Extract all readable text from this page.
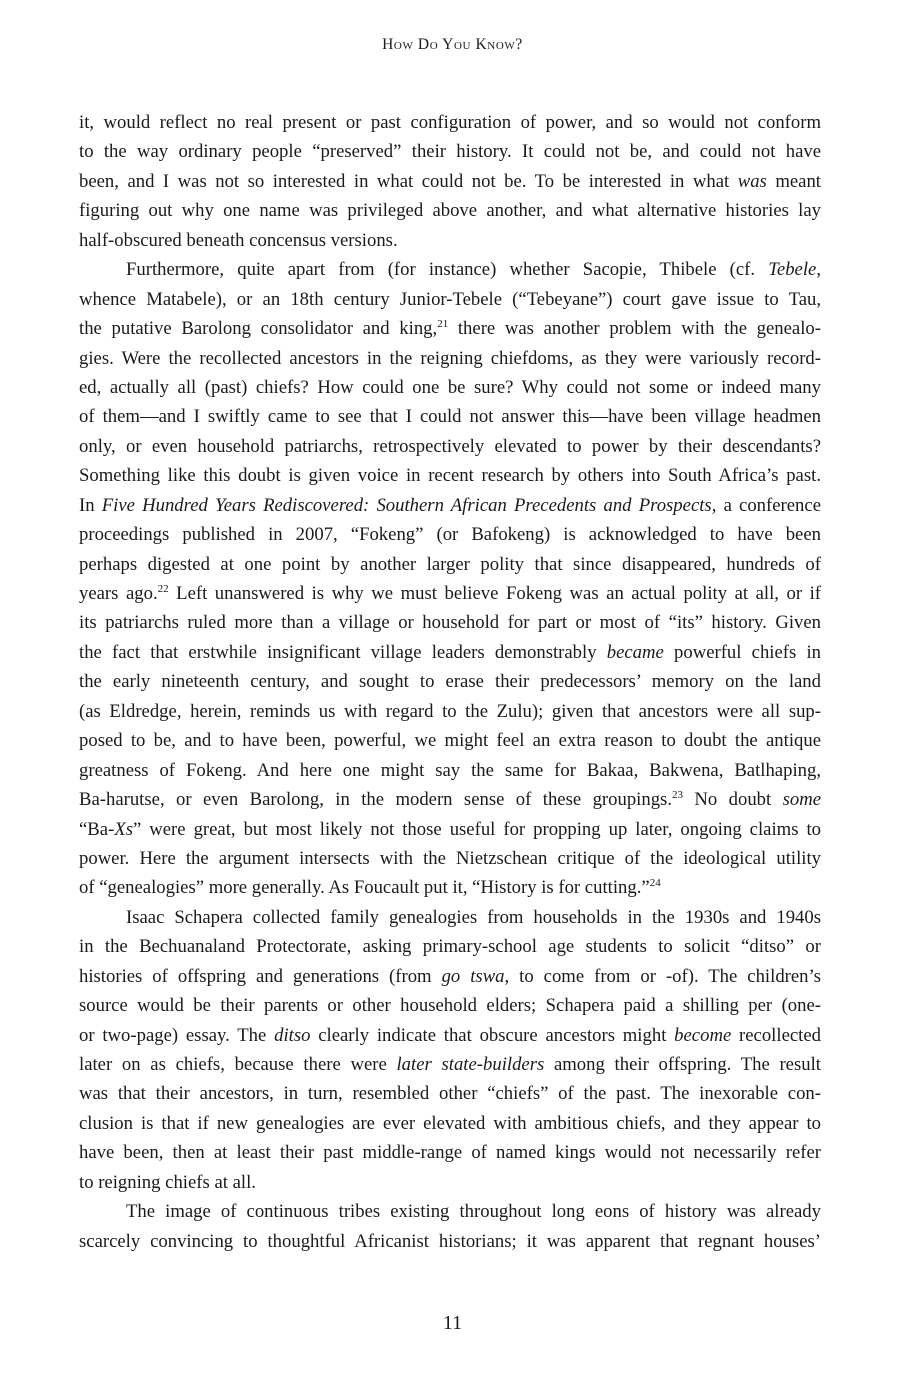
How Do You Know?
it, would reflect no real present or past configuration of power, and so would not conform
to the way ordinary people “preserved” their history. It could not be, and could not have
been, and I was not so interested in what could not be. To be interested in what was meant
figuring out why one name was privileged above another, and what alternative histories lay
half-obscured beneath concensus versions.
Furthermore, quite apart from (for instance) whether Sacopie, Thibele (cf. Tebele,
whence Matabele), or an 18th century Junior-Tebele (“Tebeyane”) court gave issue to Tau,
the putative Barolong consolidator and king,$^{21}$ there was another problem with the genealo-
gies. Were the recollected ancestors in the reigning chiefdoms, as they were variously record-
ed, actually all (past) chiefs? How could one be sure? Why could not some or indeed many
of them—and I swiftly came to see that I could not answer this—have been village headmen
only, or even household patriarchs, retrospectively elevated to power by their descendants?
Something like this doubt is given voice in recent research by others into South Africa’s past.
In Five Hundred Years Rediscovered: Southern African Precedents and Prospects, a conference
proceedings published in 2007, “Fokeng” (or Bafokeng) is acknowledged to have been
perhaps digested at one point by another larger polity that since disappeared, hundreds of
years ago.$^{22}$ Left unanswered is why we must believe Fokeng was an actual polity at all, or if
its patriarchs ruled more than a village or household for part or most of “its” history. Given
the fact that erstwhile insignificant village leaders demonstrably became powerful chiefs in
the early nineteenth century, and sought to erase their predecessors’ memory on the land
(as Eldredge, herein, reminds us with regard to the Zulu); given that ancestors were all sup-
posed to be, and to have been, powerful, we might feel an extra reason to doubt the antique
greatness of Fokeng. And here one might say the same for Bakaa, Bakwena, Batlhaping,
Ba-harutse, or even Barolong, in the modern sense of these groupings.$^{23}$ No doubt some
“Ba-Xs” were great, but most likely not those useful for propping up later, ongoing claims to
power. Here the argument intersects with the Nietzschean critique of the ideological utility
of “genealogies” more generally. As Foucault put it, “History is for cutting.”$^{24}$
Isaac Schapera collected family genealogies from households in the 1930s and 1940s
in the Bechuanaland Protectorate, asking primary-school age students to solicit “ditso” or
histories of offspring and generations (from go tswa, to come from or -of). The children’s
source would be their parents or other household elders; Schapera paid a shilling per (one-
or two-page) essay. The ditso clearly indicate that obscure ancestors might become recollected
later on as chiefs, because there were later state-builders among their offspring. The result
was that their ancestors, in turn, resembled other “chiefs” of the past. The inexorable con-
clusion is that if new genealogies are ever elevated with ambitious chiefs, and they appear to
have been, then at least their past middle-range of named kings would not necessarily refer
to reigning chiefs at all.
The image of continuous tribes existing throughout long eons of history was already
scarcely convincing to thoughtful Africanist historians; it was apparent that regnant houses’
11
